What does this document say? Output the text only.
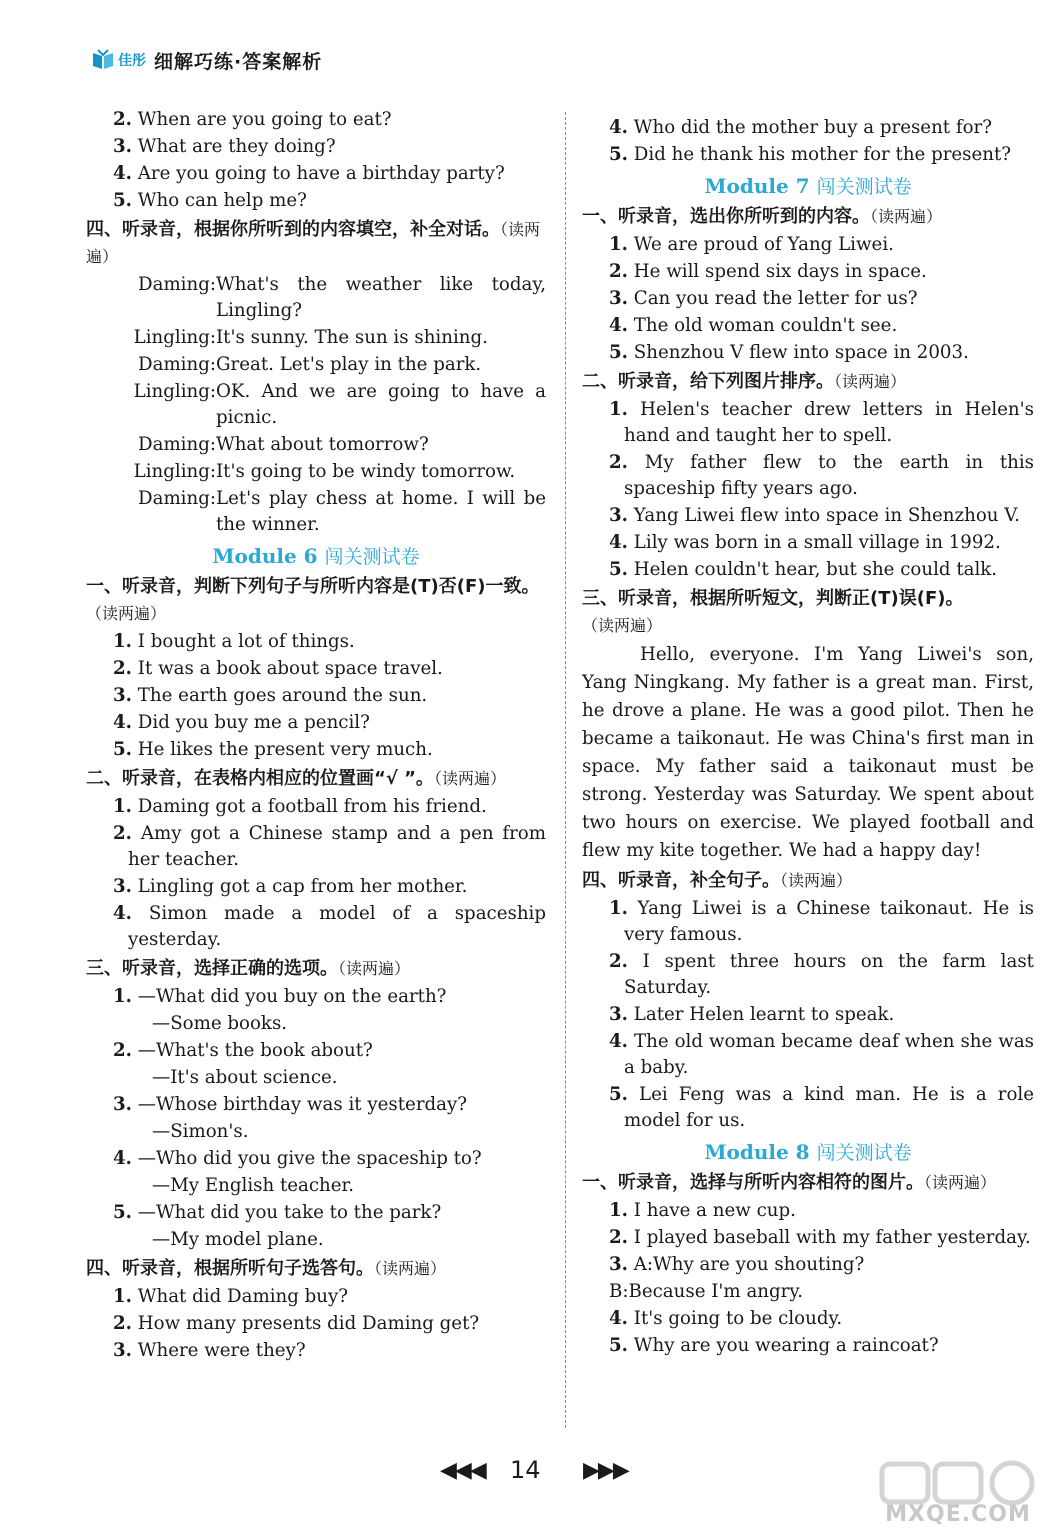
佳彤 细解巧练·答案解析
2. When are you going to eat?
3. What are they doing?
4. Are you going to have a birthday party?
5. Who can help me?
四、听录音，根据你所听到的内容填空，补全对话。（读两遍）
Daming: What's the weather like today, Lingling?
Lingling: It's sunny. The sun is shining.
Daming: Great. Let's play in the park.
Lingling: OK. And we are going to have a picnic.
Daming: What about tomorrow?
Lingling: It's going to be windy tomorrow.
Daming: Let's play chess at home. I will be the winner.
Module 6 闯关测试卷
一、听录音，判断下列句子与所听内容是(T)否(F)一致。（读两遍）
1. I bought a lot of things.
2. It was a book about space travel.
3. The earth goes around the sun.
4. Did you buy me a pencil?
5. He likes the present very much.
二、听录音，在表格内相应的位置画“√ ”。（读两遍）
1. Daming got a football from his friend.
2. Amy got a Chinese stamp and a pen from her teacher.
3. Lingling got a cap from her mother.
4. Simon made a model of a spaceship yesterday.
三、听录音，选择正确的选项。（读两遍）
1. —What did you buy on the earth?
—Some books.
2. —What's the book about?
—It's about science.
3. —Whose birthday was it yesterday?
—Simon's.
4. —Who did you give the spaceship to?
—My English teacher.
5. —What did you take to the park?
—My model plane.
四、听录音，根据所听句子选答句。（读两遍）
1. What did Daming buy?
2. How many presents did Daming get?
3. Where were they?
4. Who did the mother buy a present for?
5. Did he thank his mother for the present?
Module 7 闯关测试卷
一、听录音，选出你所听到的内容。（读两遍）
1. We are proud of Yang Liwei.
2. He will spend six days in space.
3. Can you read the letter for us?
4. The old woman couldn't see.
5. Shenzhou V flew into space in 2003.
二、听录音，给下列图片排序。（读两遍）
1. Helen's teacher drew letters in Helen's hand and taught her to spell.
2. My father flew to the earth in this spaceship fifty years ago.
3. Yang Liwei flew into space in Shenzhou V.
4. Lily was born in a small village in 1992.
5. Helen couldn't hear, but she could talk.
三、听录音，根据所听短文，判断正(T)误(F)。（读两遍）
Hello, everyone. I'm Yang Liwei's son, Yang Ningkang. My father is a great man. First, he drove a plane. He was a good pilot. Then he became a taikonaut. He was China's first man in space. My father said a taikonaut must be strong. Yesterday was Saturday. We spent about two hours on exercise. We played football and flew my kite together. We had a happy day!
四、听录音，补全句子。（读两遍）
1. Yang Liwei is a Chinese taikonaut. He is very famous.
2. I spent three hours on the farm last Saturday.
3. Later Helen learnt to speak.
4. The old woman became deaf when she was a baby.
5. Lei Feng was a kind man. He is a role model for us.
Module 8 闯关测试卷
一、听录音，选择与所听内容相符的图片。（读两遍）
1. I have a new cup.
2. I played baseball with my father yesterday.
3. A:Why are you shouting?
B:Because I'm angry.
4. It's going to be cloudy.
5. Why are you wearing a raincoat?
◀◀◀ 14 ▶▶▶
MXQE.COM
